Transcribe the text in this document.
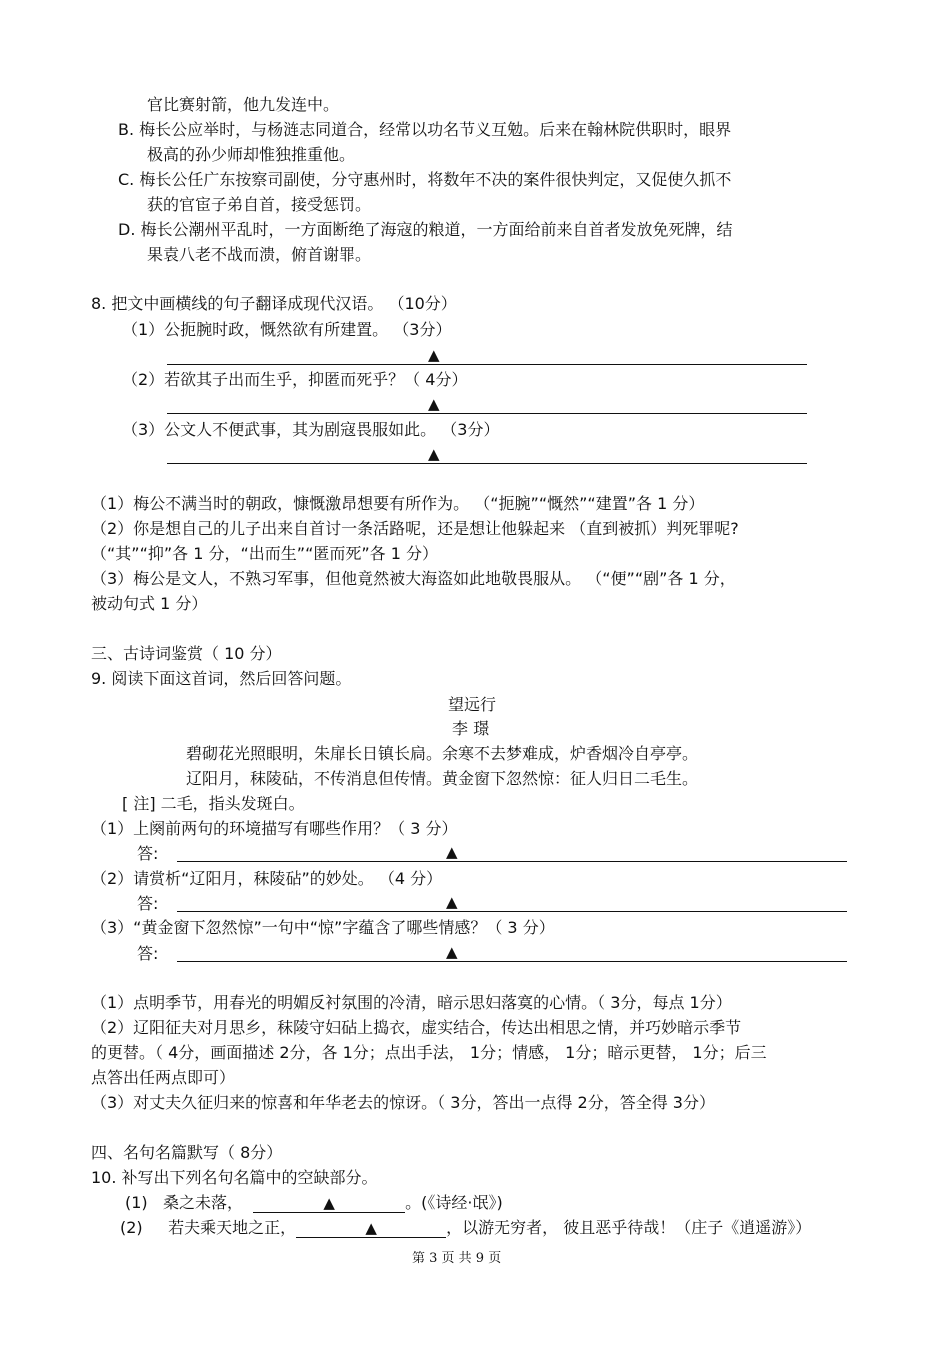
官比赛射箭，他九发连中。
B. 梅长公应举时，与杨涟志同道合，经常以功名节义互勉。后来在翰林院供职时，眼界
极高的孙少师却惟独推重他。
C. 梅长公任广东按察司副使，分守惠州时，将数年不决的案件很快判定，又促使久抓不
获的官宦子弟自首，接受惩罚。
D. 梅长公潮州平乱时，一方面断绝了海寇的粮道，一方面给前来自首者发放免死牌，结
果袁八老不战而溃，俯首谢罪。
8. 把文中画横线的句子翻译成现代汉语。 （10分）
（1）公扼腕时政，慨然欲有所建置。 （3分）
▲
（2）若欲其子出而生乎，抑匿而死乎？（ 4分）
▲
（3）公文人不便武事，其为剧寇畏服如此。 （3分）
▲
（1）梅公不满当时的朝政，慷慨激昂想要有所作为。 （“扼腕”“慨然”“建置”各 1 分）
（2）你是想自己的儿子出来自首讨一条活路呢，还是想让他躲起来 （直到被抓）判死罪呢?
（“其”“抑”各 1 分，“出而生”“匿而死”各 1 分）
（3）梅公是文人，不熟习军事，但他竟然被大海盗如此地敬畏服从。 （“便”“剧”各 1 分，
被动句式 1 分）
三、古诗词鉴赏（ 10 分）
9. 阅读下面这首词，然后回答问题。
望远行
李 璟
碧砌花光照眼明，朱扉长日镇长扃。余寒不去梦难成，炉香烟冷自亭亭。
辽阳月，秣陵砧，不传消息但传情。黄金窗下忽然惊：征人归日二毛生。
[ 注] 二毛，指头发斑白。
（1）上阕前两句的环境描写有哪些作用？（ 3 分）
答:	▲
（2）请赏析“辽阳月，秣陵砧”的妙处。 （4 分）
答:	▲
（3）“黄金窗下忽然惊”一句中“惊”字蕴含了哪些情感？（ 3 分）
答:	▲
（1）点明季节，用春光的明媚反衬氛围的冷清，暗示思妇落寞的心情。（ 3分，每点 1分）
（2）辽阳征夫对月思乡，秣陵守妇砧上捣衣，虚实结合，传达出相思之情，并巧妙暗示季节
的更替。（ 4分，画面描述 2分，各 1分；点出手法， 1分；情感， 1分；暗示更替， 1分；后三
点答出任两点即可）
（3）对丈夫久征归来的惊喜和年华老去的惊讶。（ 3分，答出一点得 2分，答全得 3分）
四、名句名篇默写（ 8分）
10. 补写出下列名句名篇中的空缺部分。
(1) 桑之未落，	▲	。(《诗经·氓》)
(2) 若夫乘天地之正，	▲	，以游无穷者， 彼且恶乎待哉！（庄子《逍遥游》）
第 3 页 共 9 页
